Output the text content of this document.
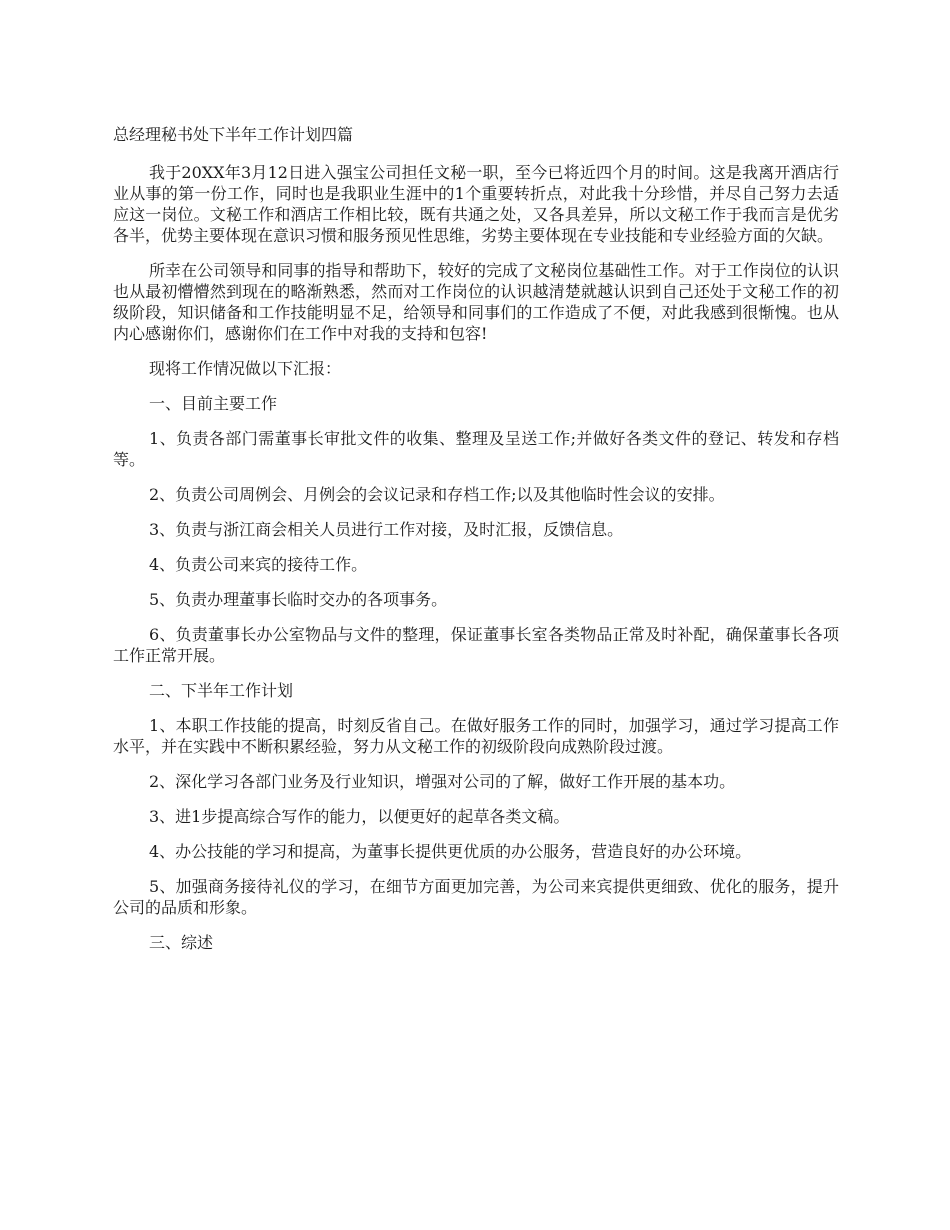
总经理秘书处下半年工作计划四篇
我于20XX年3月12日进入强宝公司担任文秘一职，至今已将近四个月的时间。这是我离开酒店行业从事的第一份工作，同时也是我职业生涯中的1个重要转折点，对此我十分珍惜，并尽自己努力去适应这一岗位。文秘工作和酒店工作相比较，既有共通之处，又各具差异，所以文秘工作于我而言是优劣各半，优势主要体现在意识习惯和服务预见性思维，劣势主要体现在专业技能和专业经验方面的欠缺。
所幸在公司领导和同事的指导和帮助下，较好的完成了文秘岗位基础性工作。对于工作岗位的认识也从最初懵懵然到现在的略渐熟悉，然而对工作岗位的认识越清楚就越认识到自己还处于文秘工作的初级阶段，知识储备和工作技能明显不足，给领导和同事们的工作造成了不便，对此我感到很惭愧。也从内心感谢你们，感谢你们在工作中对我的支持和包容!
现将工作情况做以下汇报：
一、目前主要工作
1、负责各部门需董事长审批文件的收集、整理及呈送工作;并做好各类文件的登记、转发和存档等。
2、负责公司周例会、月例会的会议记录和存档工作;以及其他临时性会议的安排。
3、负责与浙江商会相关人员进行工作对接，及时汇报，反馈信息。
4、负责公司来宾的接待工作。
5、负责办理董事长临时交办的各项事务。
6、负责董事长办公室物品与文件的整理，保证董事长室各类物品正常及时补配，确保董事长各项工作正常开展。
二、下半年工作计划
1、本职工作技能的提高，时刻反省自己。在做好服务工作的同时，加强学习，通过学习提高工作水平，并在实践中不断积累经验，努力从文秘工作的初级阶段向成熟阶段过渡。
2、深化学习各部门业务及行业知识，增强对公司的了解，做好工作开展的基本功。
3、进1步提高综合写作的能力，以便更好的起草各类文稿。
4、办公技能的学习和提高，为董事长提供更优质的办公服务，营造良好的办公环境。
5、加强商务接待礼仪的学习，在细节方面更加完善，为公司来宾提供更细致、优化的服务，提升公司的品质和形象。
三、综述
